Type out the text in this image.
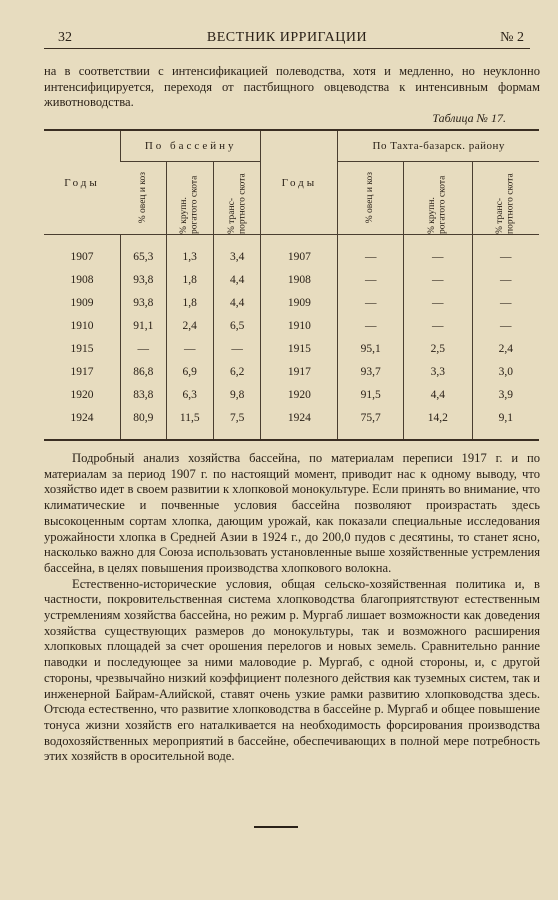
32	ВЕСТНИК ИРРИГАЦИИ	№ 2

на в соответствии с интенсификацией полеводства, хотя и медленно, но неуклонно интенсифицируется, переходя от пастбищного овцеводства к интенсивным формам животноводства.

Таблица № 17.
Годы	По бассейну			Годы	По Тахта-базарск. району		

	% овец и коз	% крупн. рогатого скота	% транс- портного скота		% овец и коз	% крупн. рогатого скота	% транс- портного скота

1907	65,3	1,3	3,4	1907	—	—	—
1908	93,8	1,8	4,4	1908	—	—	—
1909	93,8	1,8	4,4	1909	—	—	—
1910	91,1	2,4	6,5	1910	—	—	—
1915	—	—	—	1915	95,1	2,5	2,4
1917	86,8	6,9	6,2	1917	93,7	3,3	3,0
1920	83,8	6,3	9,8	1920	91,5	4,4	3,9
1924	80,9	11,5	7,5	1924	75,7	14,2	9,1

Подробный анализ хозяйства бассейна, по материалам переписи 1917 г. и по материалам за период 1907 г. по настоящий момент, приводит нас к одному выводу, что хозяйство идет в своем развитии к хлопковой монокультуре. Если принять во внимание, что климатические и почвенные условия бассейна позволяют произрастать здесь высокоценным сортам хлопка, дающим урожай, как показали специальные исследования урожайности хлопка в Средней Азии в 1924 г., до 200,0 пудов с десятины, то станет ясно, насколько важно для Союза использовать установленные выше хозяйственные устремления бассейна, в целях повышения производства хлопкового волокна.

Естественно-исторические условия, общая сельско-хозяйственная политика и, в частности, покровительственная система хлопководства благоприятствуют естественным устремлениям хозяйства бассейна, но режим р. Мургаб лишает возможности как доведения хозяйства существующих размеров до монокультуры, так и возможного расширения хлопковых площадей за счет орошения перелогов и новых земель. Сравнительно ранние паводки и последующее за ними маловодие р. Мургаб, с одной стороны, и, с другой стороны, чрезвычайно низкий коэффициент полезного действия как туземных систем, так и инженерной Байрам-Алийской, ставят очень узкие рамки развитию хлопководства здесь. Отсюда естественно, что развитие хлопководства в бассейне р. Мургаб и общее повышение тонуса жизни хозяйств его наталкивается на необходимость форсирования производства водохозяйственных мероприятий в бассейне, обеспечивающих в полной мере потребность этих хозяйств в оросительной воде.
